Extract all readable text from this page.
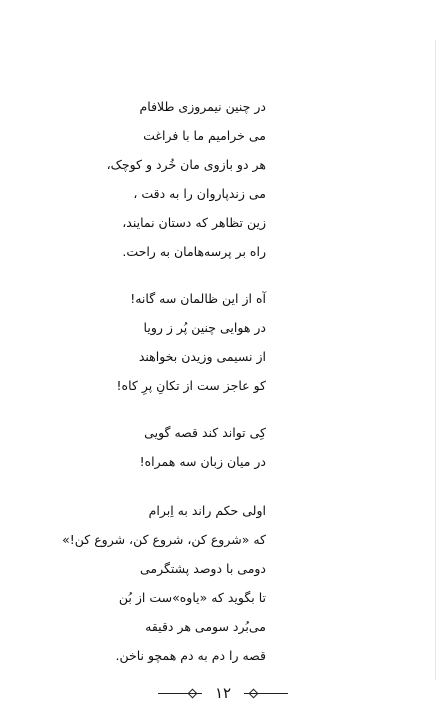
در چنین نیمروزی طلافام
می خرامیم ما با فراغت
هر دو بازوی مان خُرد و کوچک،
می زندپاروان را به دقت ،
زین تظاهر که دستان نمایند،
راه بر پرسه‌هامان به راحت.
آه از این ظالمان سه گانه!
در هوایی چنین پُر ز رویا
از نسیمی وزیدن بخواهند
کو عاجز ست از تکانِ پرِ کاه!
کِی تواند کند قصه گویی
در میان زبان سه همراه!
اولی حکم راند به اِبرام
که «شروع کن، شروع کن، شروع کن!»
دومی با دوصد پشتگرمی
تا بگوید که «یاوه»ست از بُن
می‌بُرد سومی هر دقیقه
قصه را دم به دم همچو ناخن.
۱۲
